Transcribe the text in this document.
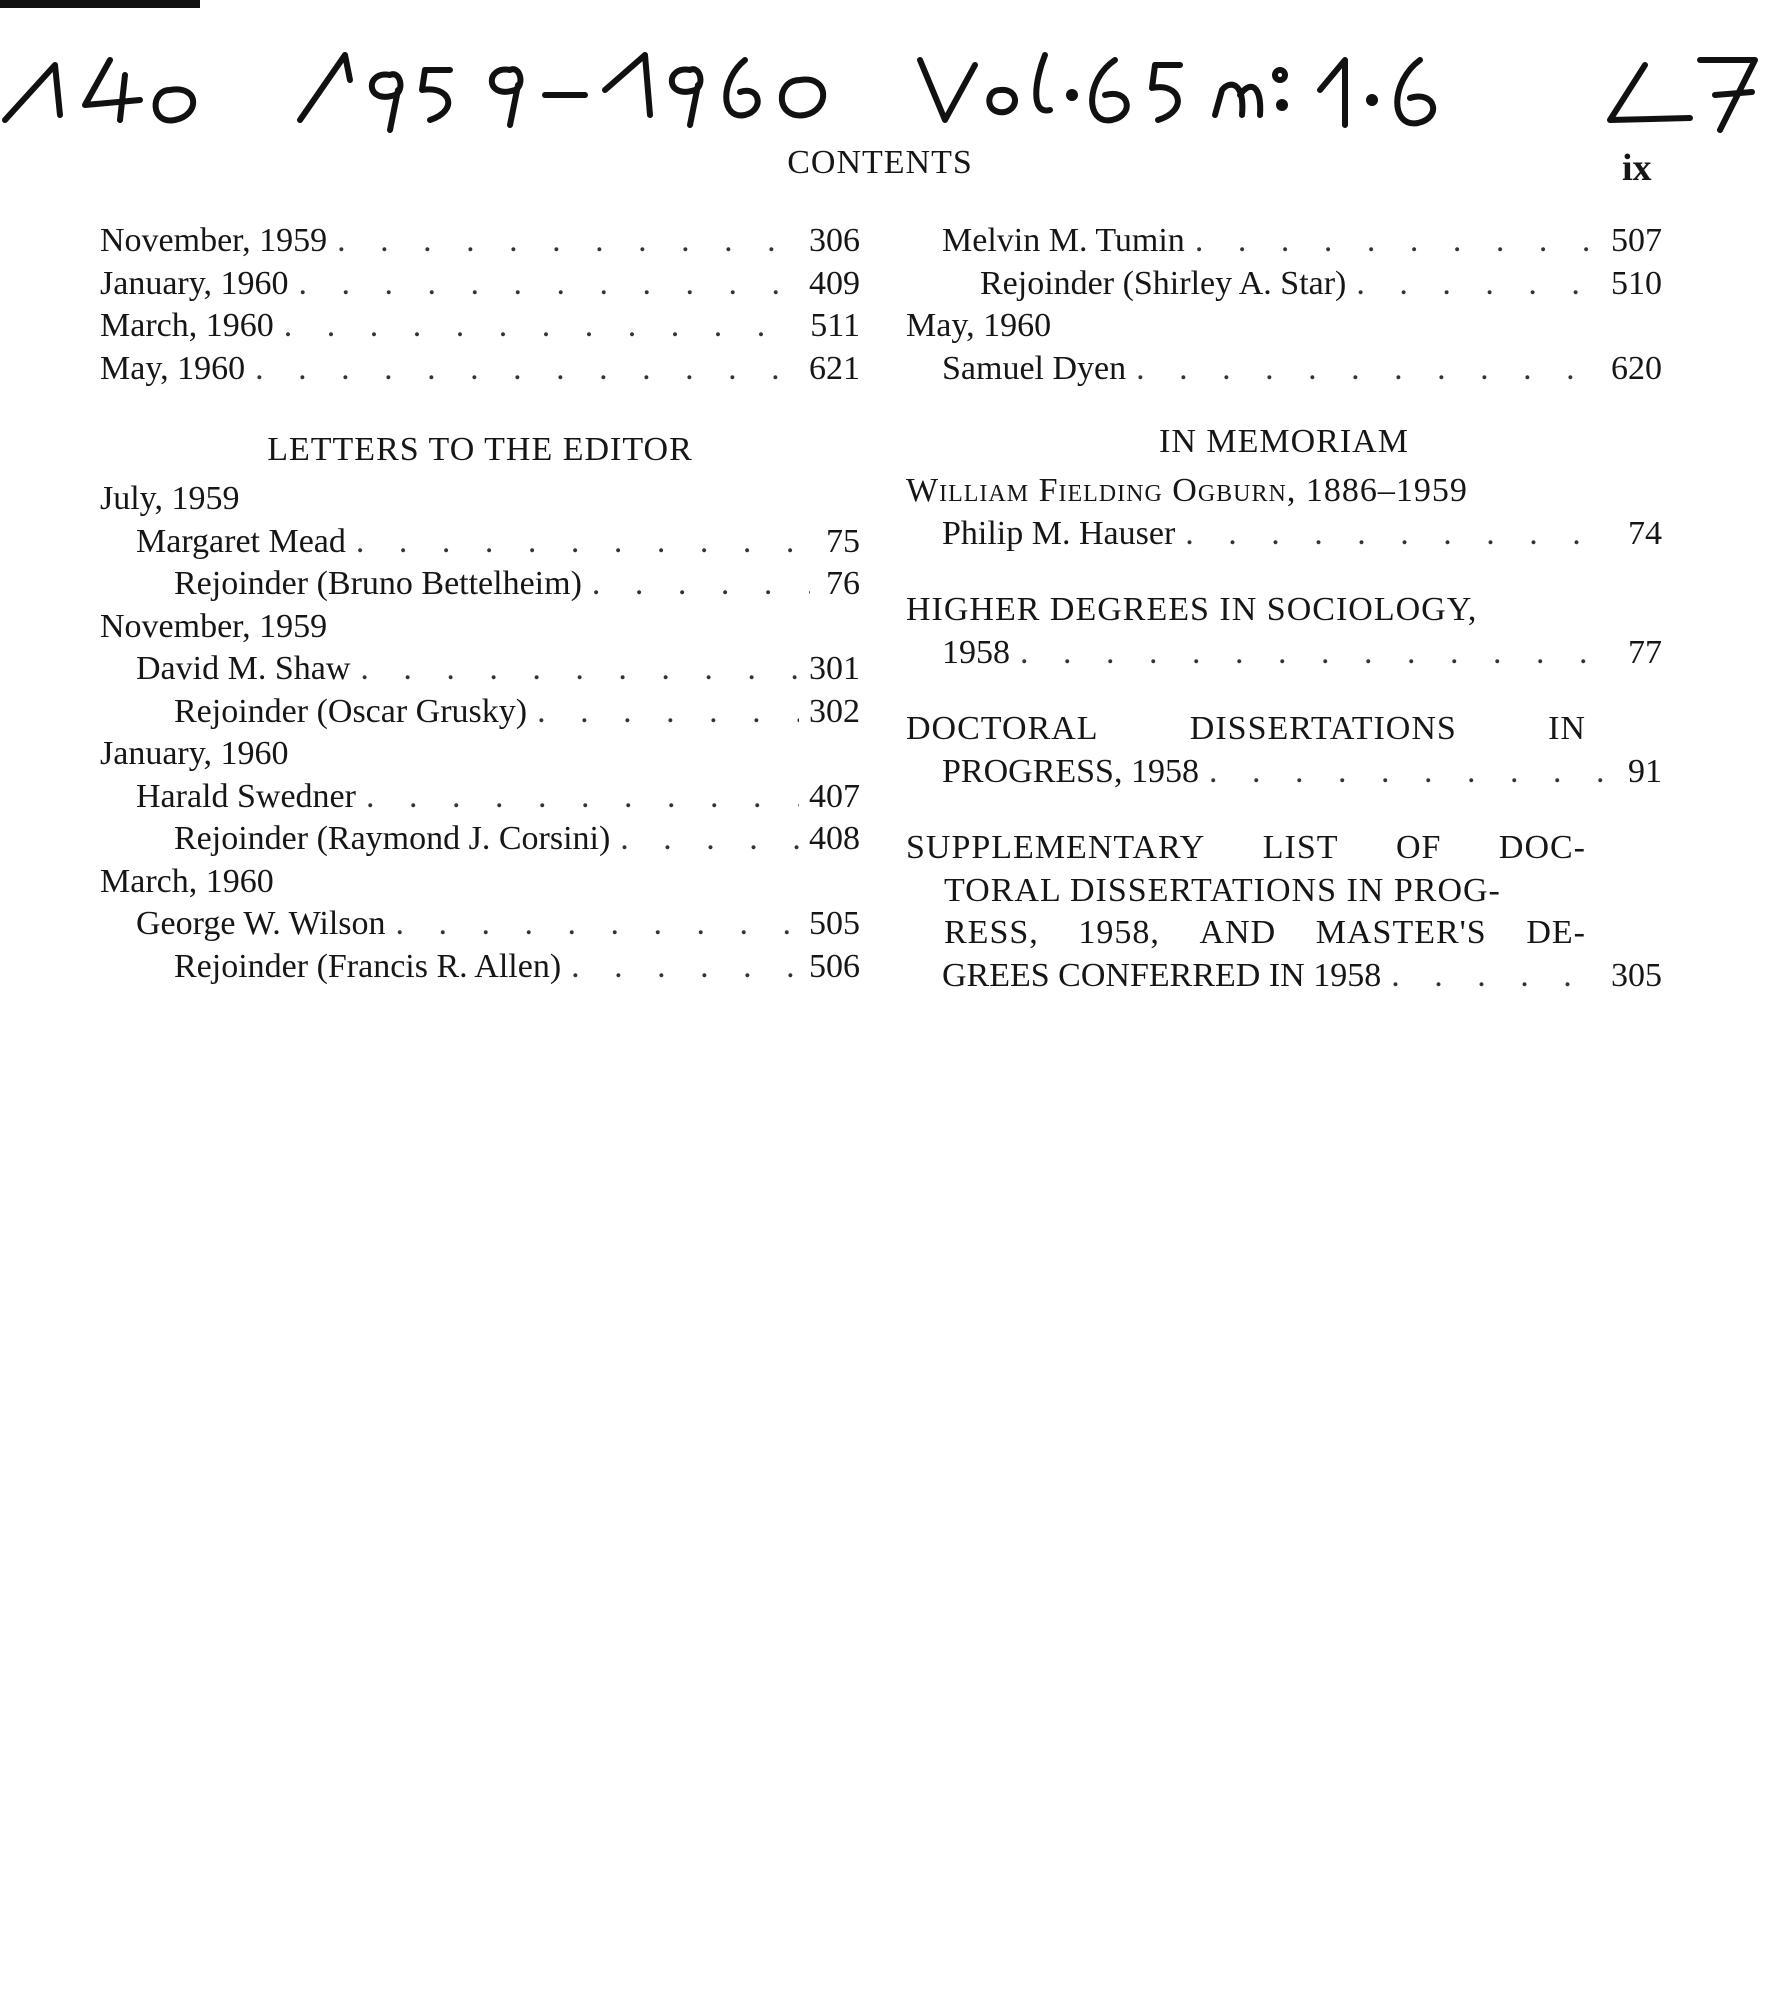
CONTENTS	ix
November, 1959 . . .	306
January, 1960 . . .	409
March, 1960 . . .	511
May, 1960 . . .	621
LETTERS TO THE EDITOR
July, 1959
Margaret Mead . . .	75
Rejoinder (Bruno Bettelheim) . . .	76
November, 1959
David M. Shaw . . .	301
Rejoinder (Oscar Grusky) . . .	302
January, 1960
Harald Swedner . . .	407
Rejoinder (Raymond J. Corsini) . . .	408
March, 1960
George W. Wilson . . .	505
Rejoinder (Francis R. Allen) . . .	506
Melvin M. Tumin . . .	507
Rejoinder (Shirley A. Star) . . .	510
May, 1960
Samuel Dyen . . .	620
IN MEMORIAM
William Fielding Ogburn, 1886–1959
Philip M. Hauser . . .	74
HIGHER DEGREES IN SOCIOLOGY,
1958 . . .	77
DOCTORAL	DISSERTATIONS	IN
PROGRESS, 1958 . . .	91
SUPPLEMENTARY LIST OF DOC-
TORAL DISSERTATIONS IN PROG-
RESS, 1958, AND MASTER'S DE-
GREES CONFERRED IN 1958 . . .	305
